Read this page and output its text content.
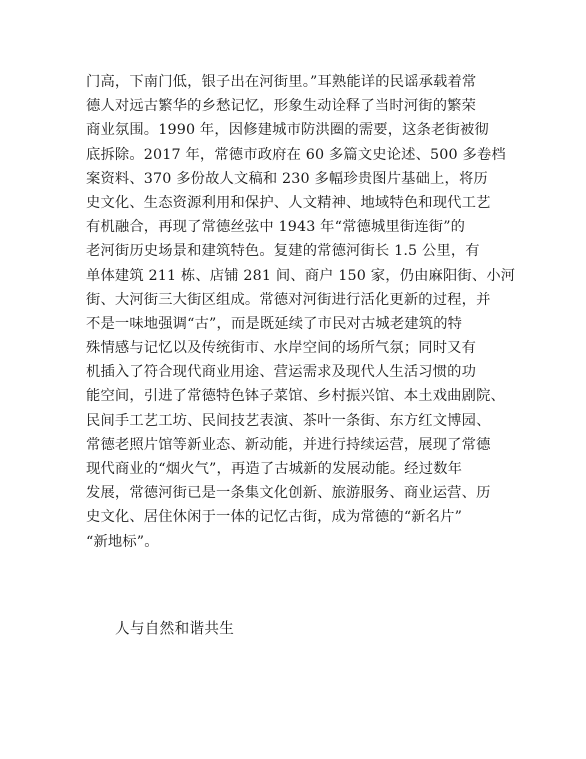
门高，下南门低，银子出在河街里。”耳熟能详的民谣承载着常
德人对远古繁华的乡愁记忆，形象生动诠释了当时河街的繁荣
商业氛围。1990 年，因修建城市防洪圈的需要，这条老街被彻
底拆除。2017 年，常德市政府在 60 多篇文史论述、500 多卷档
案资料、370 多份故人文稿和 230 多幅珍贵图片基础上，将历
史文化、生态资源利用和保护、人文精神、地域特色和现代工艺
有机融合，再现了常德丝弦中 1943 年“常德城里街连街”的
老河街历史场景和建筑特色。复建的常德河街长 1.5 公里，有
单体建筑 211 栋、店铺 281 间、商户 150 家，仍由麻阳街、小河
街、大河街三大街区组成。常德对河街进行活化更新的过程，并
不是一味地强调“古”，而是既延续了市民对古城老建筑的特
殊情感与记忆以及传统街市、水岸空间的场所气氛；同时又有
机插入了符合现代商业用途、营运需求及现代人生活习惯的功
能空间，引进了常德特色钵子菜馆、乡村振兴馆、本土戏曲剧院、
民间手工艺工坊、民间技艺表演、茶叶一条街、东方红文博园、
常德老照片馆等新业态、新动能，并进行持续运营，展现了常德
现代商业的“烟火气”，再造了古城新的发展动能。经过数年
发展，常德河街已是一条集文化创新、旅游服务、商业运营、历
史文化、居住休闲于一体的记忆古街，成为常德的“新名片”
“新地标”。
人与自然和谐共生
